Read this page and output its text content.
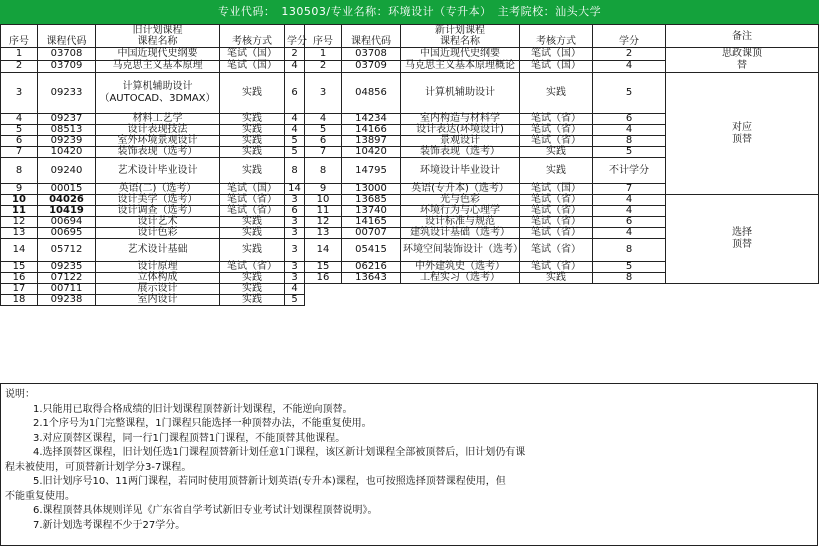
专业代码：　130503/专业名称：环境设计（专升本）　主考院校：汕头大学
		旧计划课程					新计划课程			备注
序号	课程代码	课程名称	考核方式	学分	序号	课程代码	课程名称	考核方式	学分	
1	03708	中国近现代史纲要	笔试（国）	2	1	03708	中国近现代史纲要	笔试（国）	2	思政课顶替
2	03709	马克思主义基本原理	笔试（国）	4	2	03709	马克思主义基本原理概论	笔试（国）	4	
3	09233	计算机辅助设计（AUTOCAD、3DMAX）	实践	6	3	04856	计算机辅助设计	实践	5	对应顶替
4	09237	材料工艺学	实践	4	4	14234	室内构造与材料学	笔试（省）	6	
5	08513	设计表现技法	实践	4	5	14166	设计表达(环境设计)	笔试（省）	4	
6	09239	室外环境景观设计	实践	5	6	13897	景观设计	笔试（省）	8	
7	10420	装饰表现（选考）	实践	5	7	10420	装饰表现（选考）	实践	5	
8	09240	艺术设计毕业设计	实践	8	8	14795	环境设计毕业设计	实践	不计学分	
9	00015	英语(二)（选考）	笔试（国）	14	9	13000	英语(专升本)（选考）	笔试（国）	7	
10	04026	设计美学（选考）	笔试（省）	3	10	13685	光与色彩	笔试（省）	4	选择顶替
11	10419	设计调查（选考）	笔试（省）	6	11	13740	环境行为与心理学	笔试（省）	4	
12	00694	设计艺术	实践	3	12	14165	设计标准与规范	笔试（省）	6	
13	00695	设计色彩	实践	3	13	00707	建筑设计基础（选考）	笔试（省）	4	
14	05712	艺术设计基础	实践	3	14	05415	环境空间装饰设计（选考）	笔试（省）	8	
15	09235	设计原理	笔试（省）	3	15	06216	中外建筑史（选考）	笔试（省）	5	
16	07122	立体构成	实践	3	16	13643	工程实习（选考）	实践	8	
17	00711	展示设计	实践	4						
18	09238	室内设计	实践	5						

说明：

1.只能用已取得合格成绩的旧计划课程顶替新计划课程，不能逆向顶替。

2.1个序号为1门完整课程，1门课程只能选择一种顶替办法，不能重复使用。

3.对应顶替区课程，同一行1门课程顶替1门课程，不能顶替其他课程。

4.选择顶替区课程，旧计划任选1门课程顶替新计划任意1门课程，该区新计划课程全部被顶替后，旧计划仍有课

程未被使用，可顶替新计划学分3-7课程。

5.旧计划序号10、11两门课程，若同时使用顶替新计划英语(专升本)课程，也可按照选择顶替课程使用，但

不能重复使用。

6.课程顶替具体规则详见《广东省自学考试新旧专业考试计划课程顶替说明》。

7.新计划选考课程不少于27学分。
